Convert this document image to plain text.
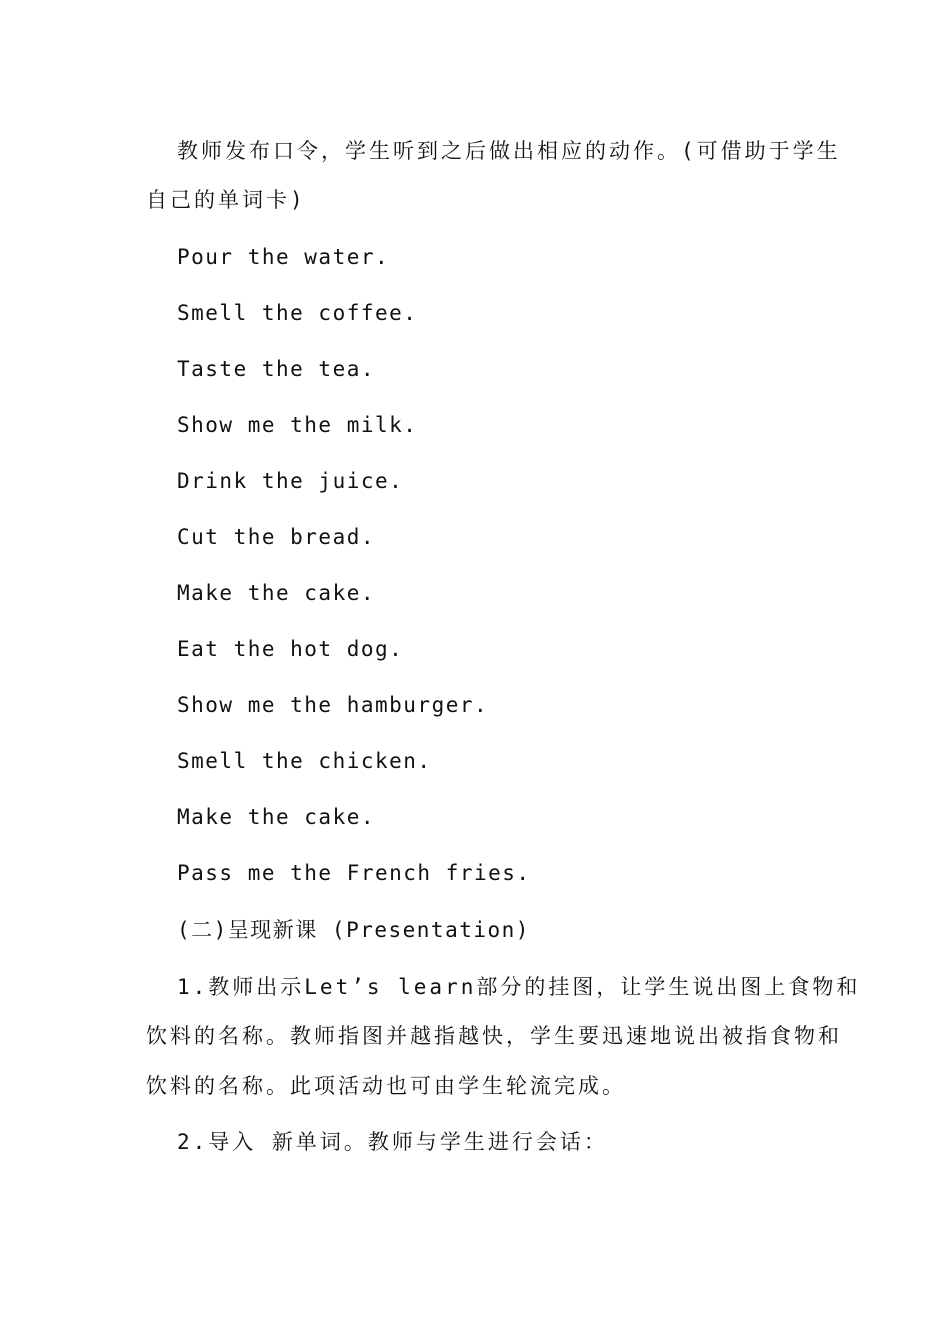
教师发布口令，学生听到之后做出相应的动作。(可借助于学生
自己的单词卡)
Pour the water.
Smell the coffee.
Taste the tea.
Show me the milk.
Drink the juice.
Cut the bread.
Make the cake.
Eat the hot dog.
Show me the hamburger.
Smell the chicken.
Make the cake.
Pass me the French fries.
(二)呈现新课 (Presentation)
1.教师出示Let’s learn部分的挂图，让学生说出图上食物和
饮料的名称。教师指图并越指越快，学生要迅速地说出被指食物和
饮料的名称。此项活动也可由学生轮流完成。
2.导入 新单词。教师与学生进行会话：
